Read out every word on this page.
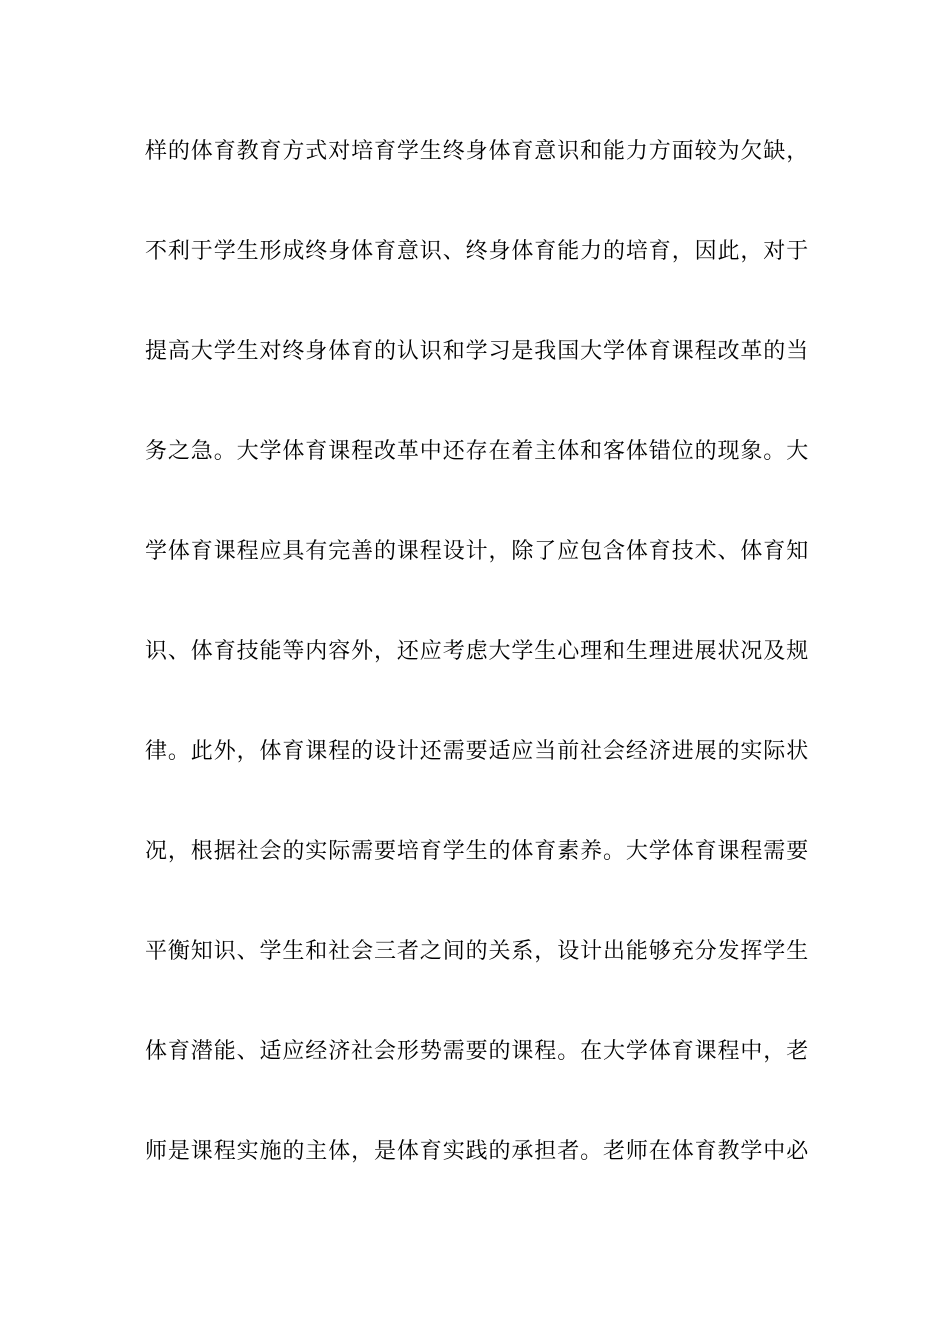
样的体育教育方式对培育学生终身体育意识和能力方面较为欠缺，
不利于学生形成终身体育意识、终身体育能力的培育，因此，对于
提高大学生对终身体育的认识和学习是我国大学体育课程改革的当
务之急。大学体育课程改革中还存在着主体和客体错位的现象。大
学体育课程应具有完善的课程设计，除了应包含体育技术、体育知
识、体育技能等内容外，还应考虑大学生心理和生理进展状况及规
律。此外，体育课程的设计还需要适应当前社会经济进展的实际状
况，根据社会的实际需要培育学生的体育素养。大学体育课程需要
平衡知识、学生和社会三者之间的关系，设计出能够充分发挥学生
体育潜能、适应经济社会形势需要的课程。在大学体育课程中，老
师是课程实施的主体，是体育实践的承担者。老师在体育教学中必
